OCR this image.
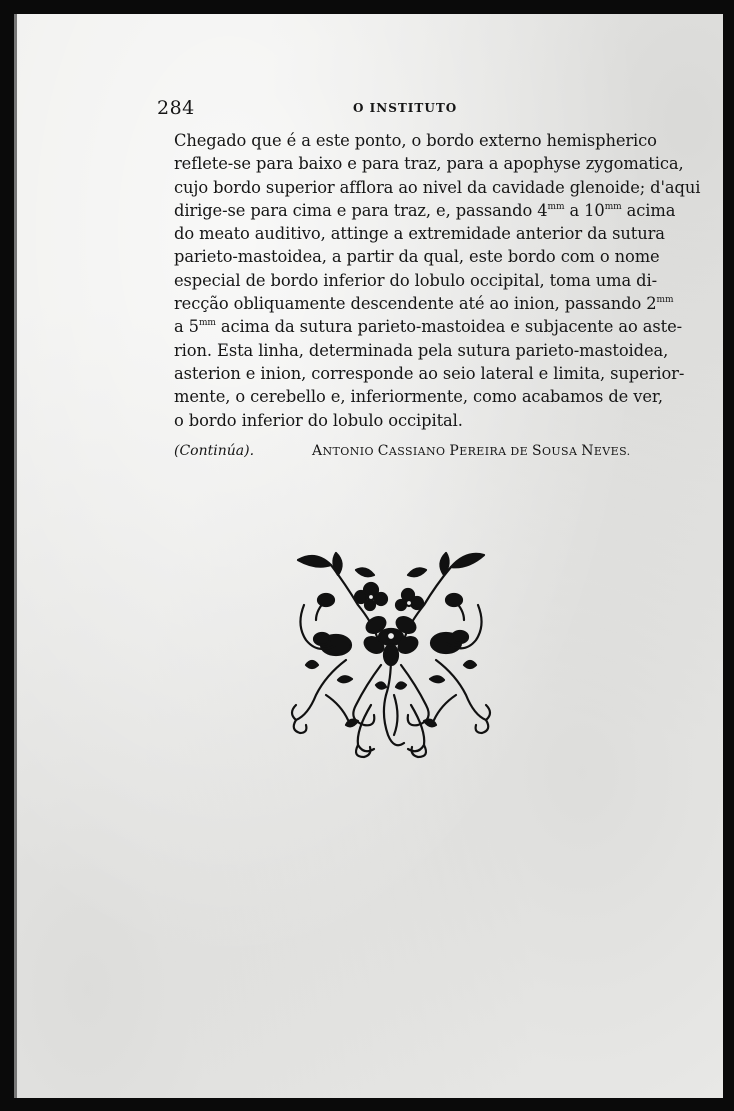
284	O INSTITUTO
Chegado que é a este ponto, o bordo externo hemispherico
reflete-se para baixo e para traz, para a apophyse zygomatica,
cujo bordo superior afflora ao nivel da cavidade glenoide; d'aqui
dirige-se para cima e para traz, e, passando $4^{mm}$ a $10^{mm}$ acima
do meato auditivo, attinge a extremidade anterior da sutura
parieto-mastoidea, a partir da qual, este bordo com o nome
especial de bordo inferior do lobulo occipital, toma uma di-
recção obliquamente descendente até ao inion, passando $2^{mm}$
a $5^{mm}$ acima da sutura parieto-mastoidea e subjacente ao aste-
rion. Esta linha, determinada pela sutura parieto-mastoidea,
asterion e inion, corresponde ao seio lateral e limita, superior-
mente, o cerebello e, inferiormente, como acabamos de ver,
o bordo inferior do lobulo occipital.
(Continúa).	ANTONIO CASSIANO PEREIRA DE SOUSA NEVES.
